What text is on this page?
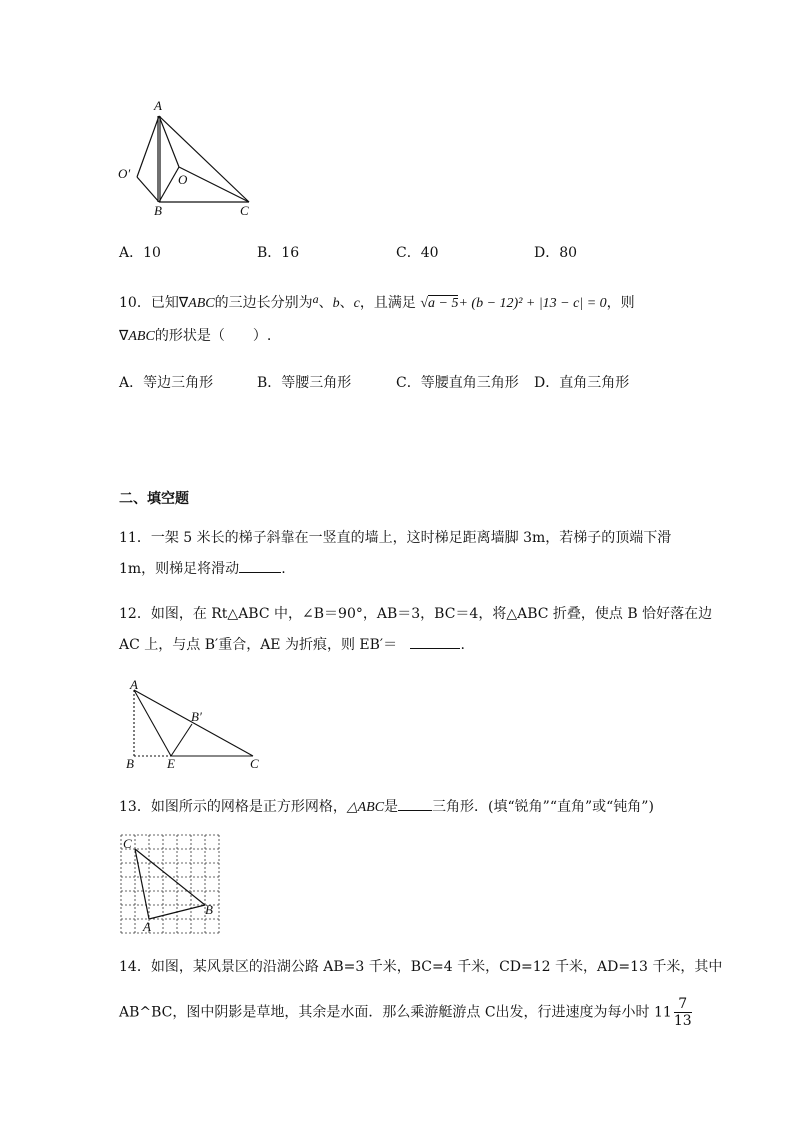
A
O′	O
B	C
A．10	B．16	C．40	D．80
10．已知∇ABC的三边长分别为a、b、c，且满足 √a − 5+ (b − 12)² + |13 − c| = 0，则
∇ABC的形状是（　　）.
A．等边三角形	B．等腰三角形	C．等腰直角三角形 D．直角三角形
二、填空题
11．一架 5 米长的梯子斜靠在一竖直的墙上，这时梯足距离墙脚 3m，若梯子的顶端下滑
1m，则梯足将滑动	.
12．如图，在 Rt△ABC 中，∠B＝90°，AB＝3，BC＝4，将△ABC 折叠，使点 B 恰好落在边
AC 上，与点 B′重合，AE 为折痕，则 EB′＝	.
A
B′
B	E	C
13．如图所示的网格是正方形网格，△ABC是 三角形．(填“锐角”“直角”或“钝角”)
C
B
A
14．如图，某风景区的沿湖公路 AB=3 千米，BC=4 千米，CD=12 千米，AD=13 千米，其中
AB^BC，图中阴影是草地，其余是水面．那么乘游艇游点 C出发，行进速度为每小时 $11 \frac{7}{13}$
